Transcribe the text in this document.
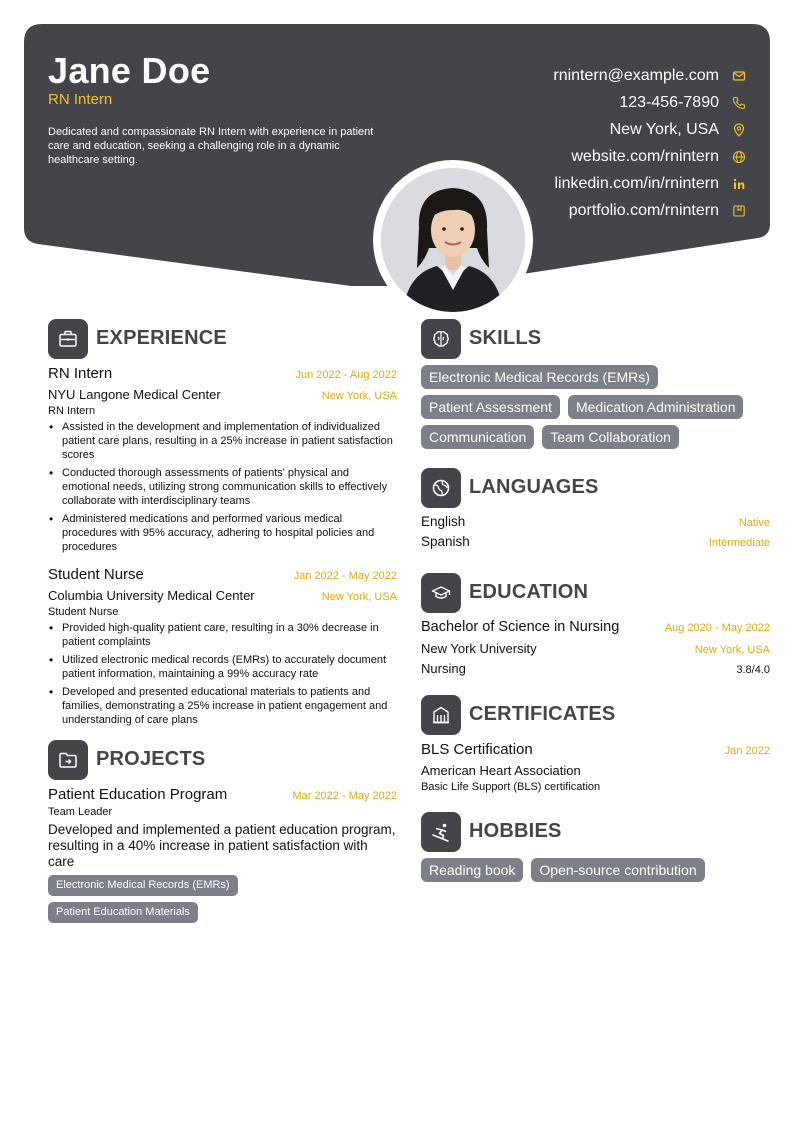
Jane Doe
RN Intern
Dedicated and compassionate RN Intern with experience in patient care and education, seeking a challenging role in a dynamic healthcare setting.
rnintern@example.com
123-456-7890
New York, USA
website.com/rnintern
linkedin.com/in/rnintern
portfolio.com/rnintern
EXPERIENCE
RN Intern	Jun 2022 - Aug 2022
NYU Langone Medical Center	New York, USA
RN Intern
• Assisted in the development and implementation of individualized patient care plans, resulting in a 25% increase in patient satisfaction scores
• Conducted thorough assessments of patients' physical and emotional needs, utilizing strong communication skills to effectively collaborate with interdisciplinary teams
• Administered medications and performed various medical procedures with 95% accuracy, adhering to hospital policies and procedures
Student Nurse	Jan 2022 - May 2022
Columbia University Medical Center	New York, USA
Student Nurse
• Provided high-quality patient care, resulting in a 30% decrease in patient complaints
• Utilized electronic medical records (EMRs) to accurately document patient information, maintaining a 99% accuracy rate
• Developed and presented educational materials to patients and families, demonstrating a 25% increase in patient engagement and understanding of care plans
PROJECTS
Patient Education Program	Mar 2022 - May 2022
Team Leader
Developed and implemented a patient education program, resulting in a 40% increase in patient satisfaction with care
Electronic Medical Records (EMRs)
Patient Education Materials
SKILLS
Electronic Medical Records (EMRs)
Patient Assessment	Medication Administration
Communication	Team Collaboration
LANGUAGES
English	Native
Spanish	Intermediate
EDUCATION
Bachelor of Science in Nursing	Aug 2020 - May 2022
New York University	New York, USA
Nursing	3.8/4.0
CERTIFICATES
BLS Certification	Jan 2022
American Heart Association
Basic Life Support (BLS) certification
HOBBIES
Reading book	Open-source contribution
